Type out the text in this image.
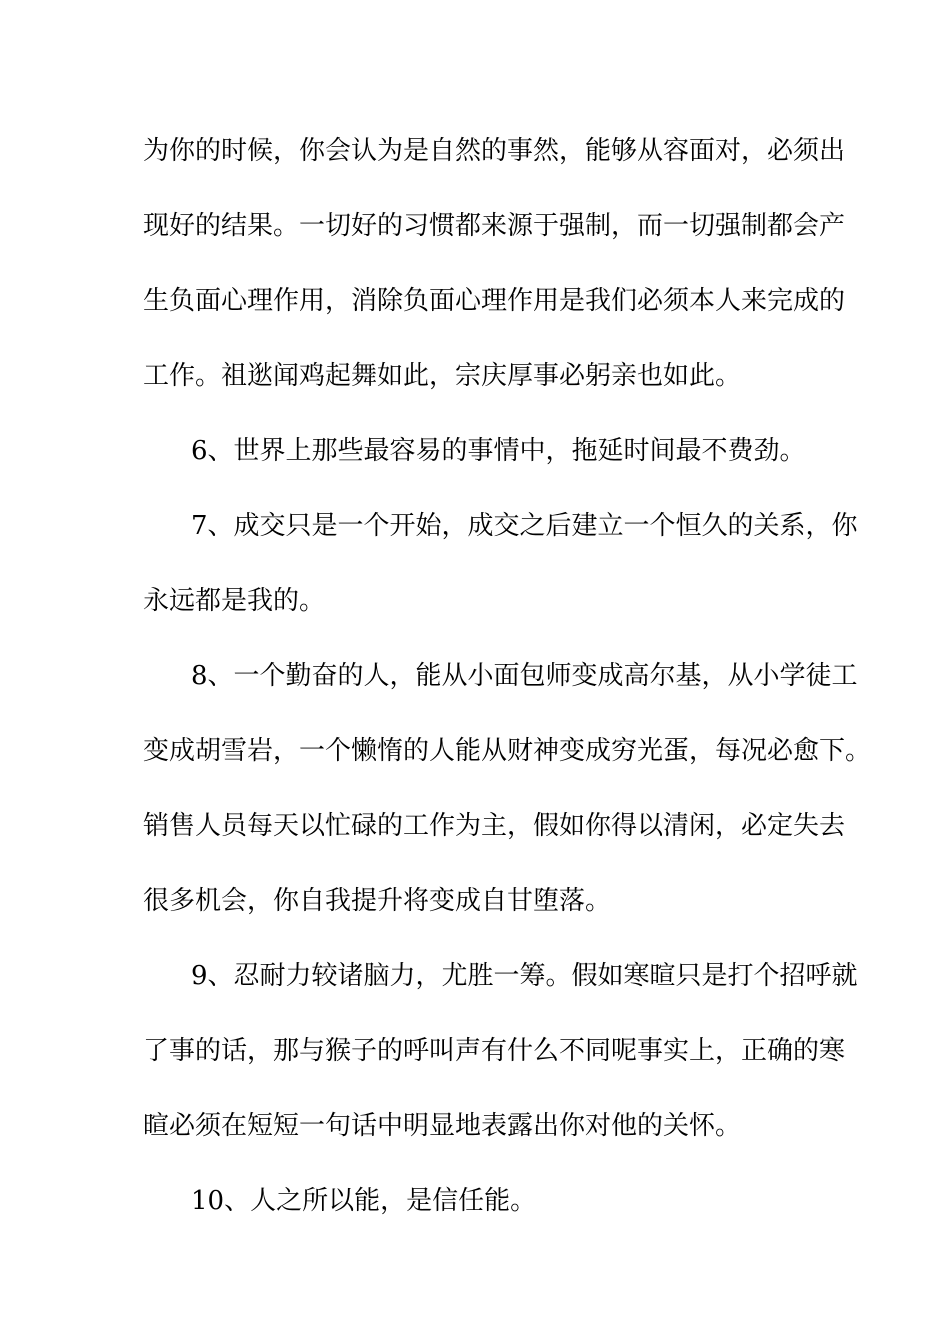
为你的时候，你会认为是自然的事然，能够从容面对，必须出
现好的结果。一切好的习惯都来源于强制，而一切强制都会产
生负面心理作用，消除负面心理作用是我们必须本人来完成的
工作。祖逖闻鸡起舞如此，宗庆厚事必躬亲也如此。
6、世界上那些最容易的事情中，拖延时间最不费劲。
7、成交只是一个开始，成交之后建立一个恒久的关系，你
永远都是我的。
8、一个勤奋的人，能从小面包师变成高尔基，从小学徒工
变成胡雪岩，一个懒惰的人能从财神变成穷光蛋，每况必愈下。
销售人员每天以忙碌的工作为主，假如你得以清闲，必定失去
很多机会，你自我提升将变成自甘堕落。
9、忍耐力较诸脑力，尤胜一筹。假如寒暄只是打个招呼就
了事的话，那与猴子的呼叫声有什么不同呢事实上，正确的寒
暄必须在短短一句话中明显地表露出你对他的关怀。
10、人之所以能，是信任能。
